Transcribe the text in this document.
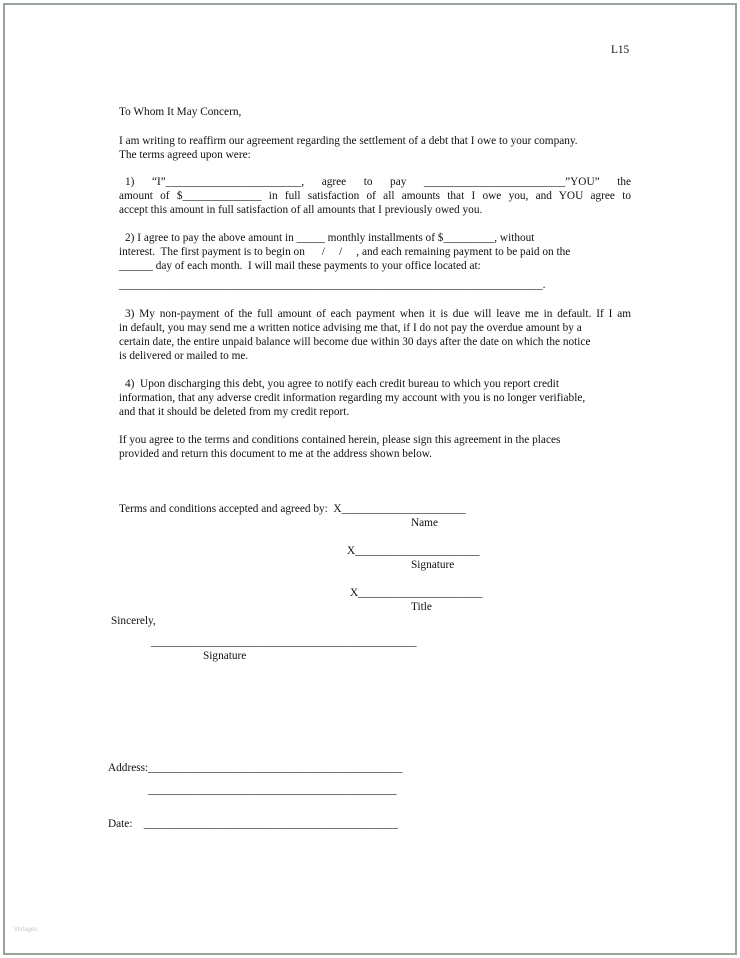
L15
To Whom It May Concern,
I am writing to reaffirm our agreement regarding the settlement of a debt that I owe to your company.
The terms agreed upon were:
1) “I”________________________, agree to pay _________________________”YOU” the
amount of $______________ in full satisfaction of all amounts that I owe you, and YOU agree to
accept this amount in full satisfaction of all amounts that I previously owed you.
2) I agree to pay the above amount in _____ monthly installments of $_________, without
interest.  The first payment is to begin on      /     /     , and each remaining payment to be paid on the
______ day of each month.  I will mail these payments to your office located at:
___________________________________________________________________________.
3) My non-payment of the full amount of each payment when it is due will leave me in default. If I am
in default, you may send me a written notice advising me that, if I do not pay the overdue amount by a
certain date, the entire unpaid balance will become due within 30 days after the date on which the notice
is delivered or mailed to me.
4)  Upon discharging this debt, you agree to notify each credit bureau to which you report credit
information, that any adverse credit information regarding my account with you is no longer verifiable,
and that it should be deleted from my credit report.
If you agree to the terms and conditions contained herein, please sign this agreement in the places
provided and return this document to me at the address shown below.
Terms and conditions accepted and agreed by:  X______________________
Name
X______________________
Signature
X______________________
Title
Sincerely,
_______________________________________________
Signature
Address:_____________________________________________
____________________________________________
Date:    _____________________________________________
Vorlagen
